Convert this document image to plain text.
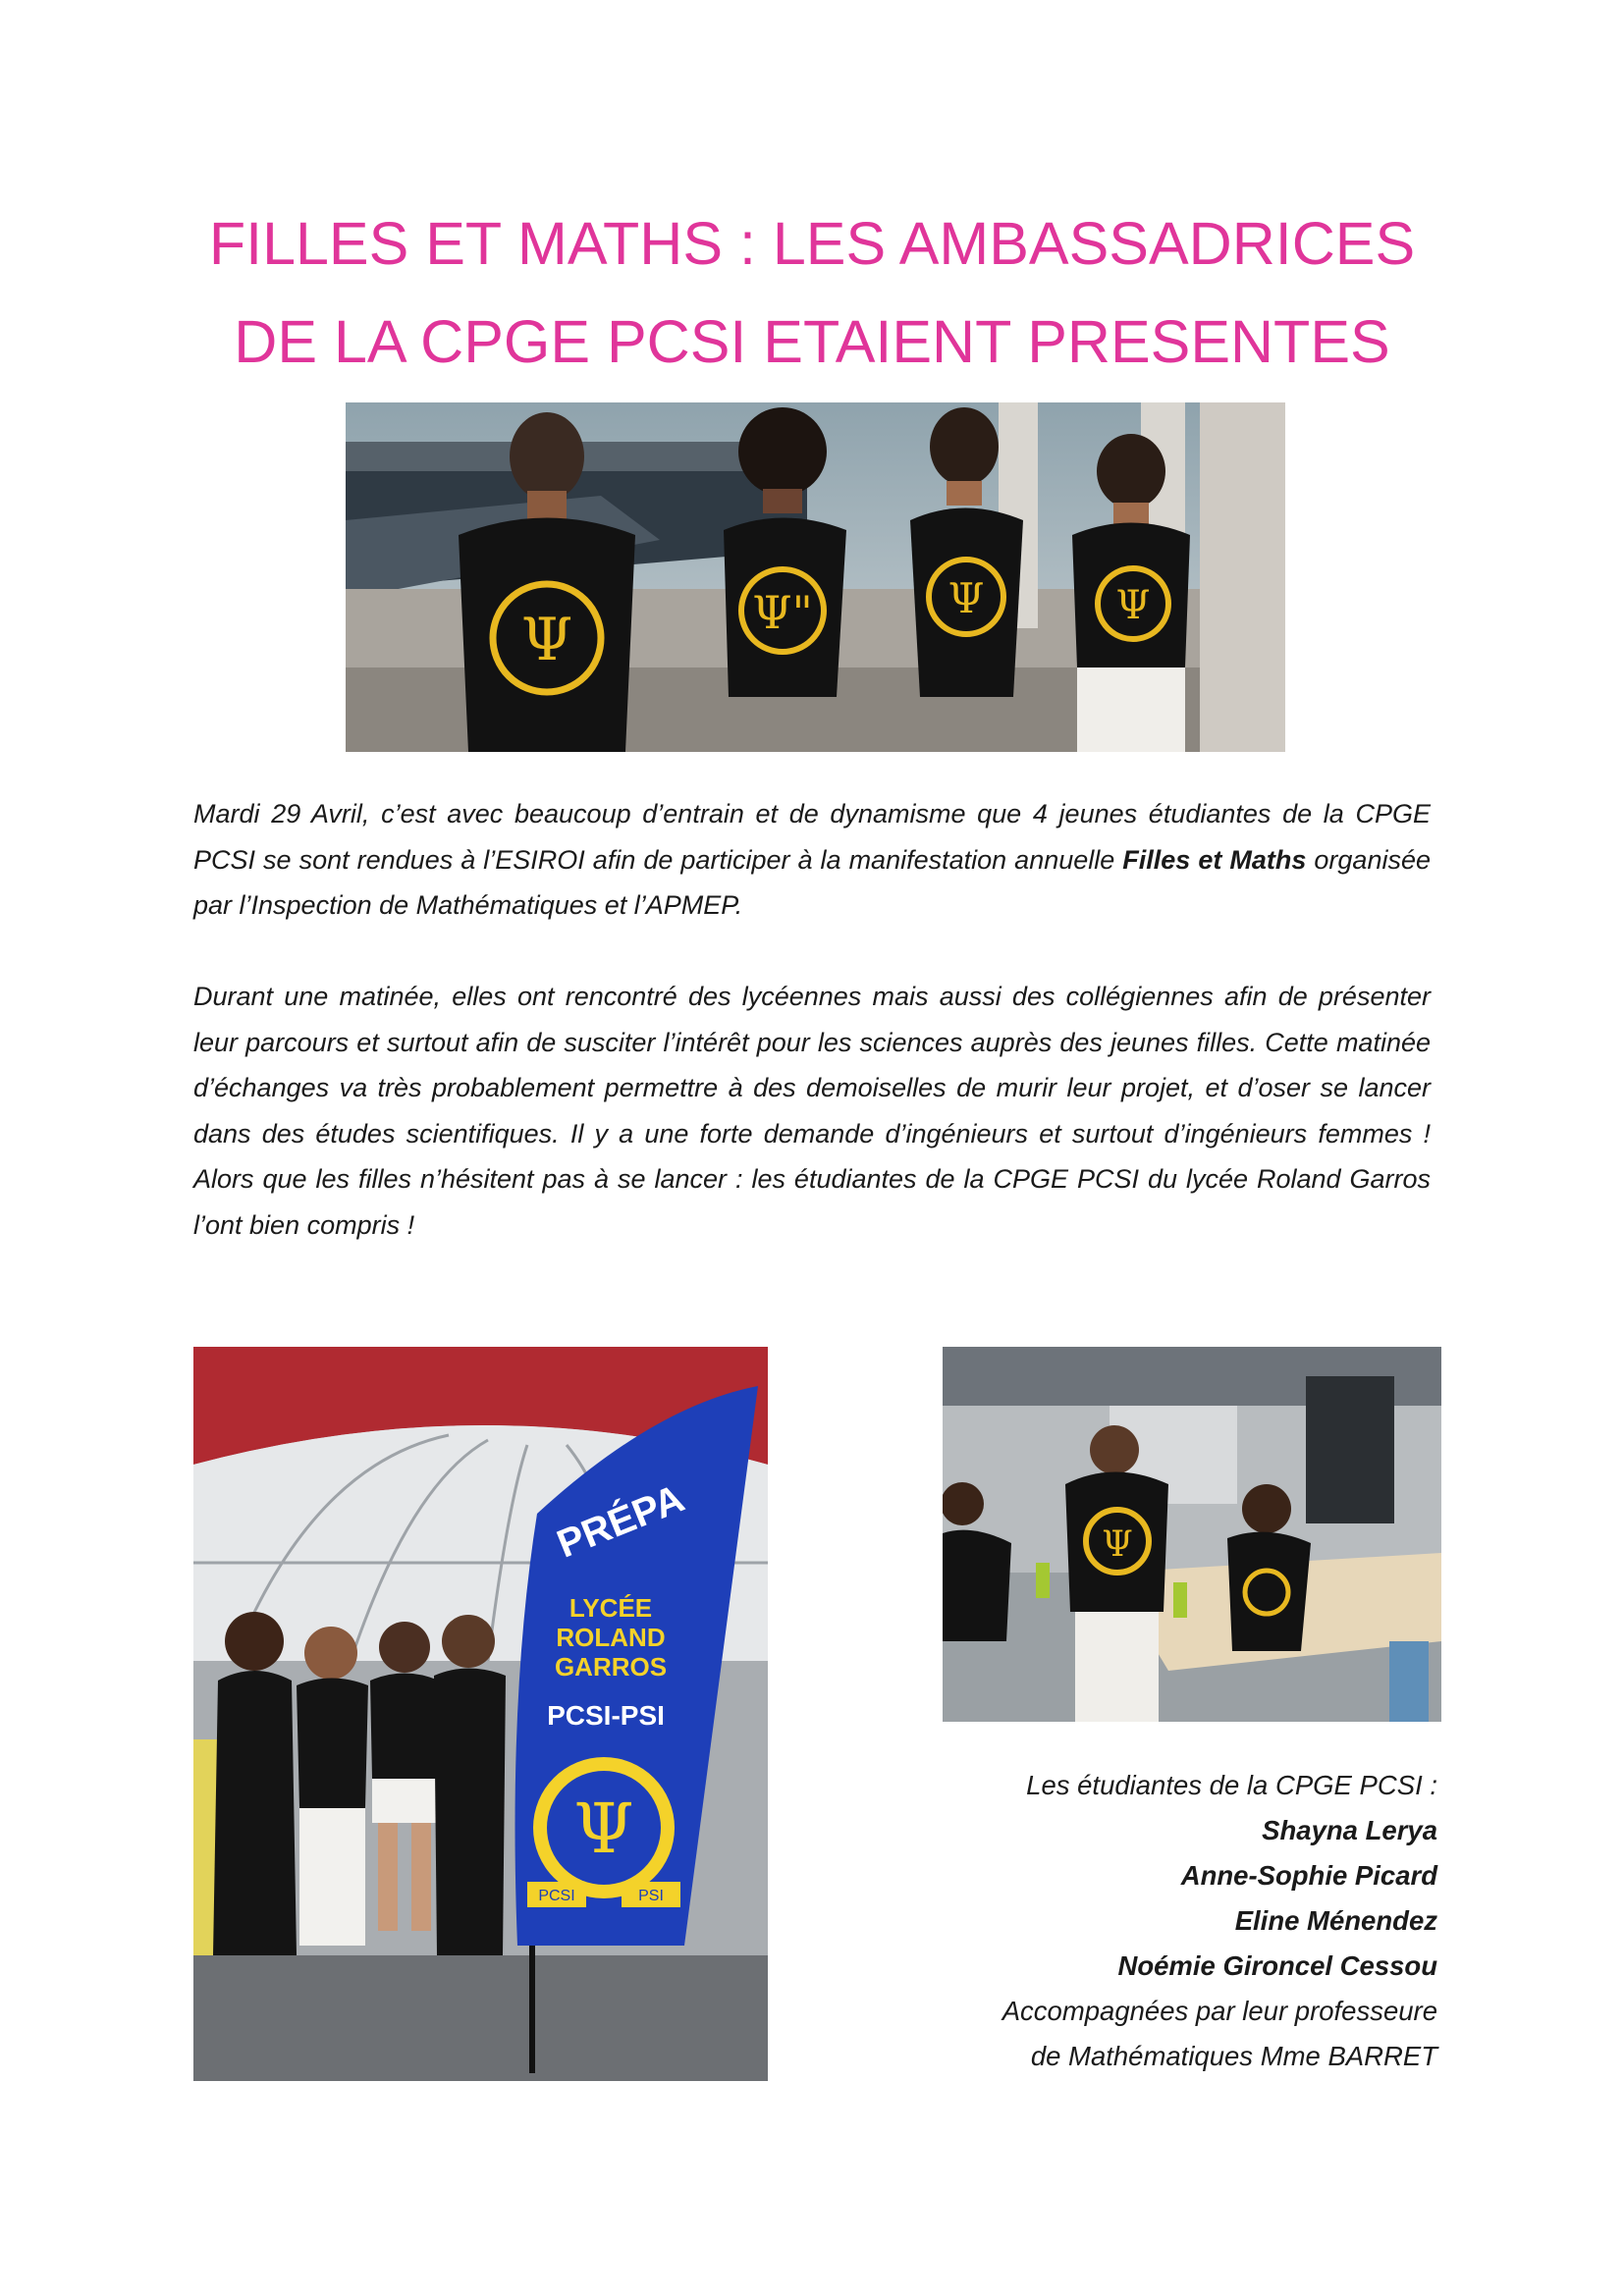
FILLES ET MATHS : LES AMBASSADRICES
DE LA CPGE PCSI ETAIENT PRESENTES
Ψ	Ψ"	Ψ	Ψ

Mardi 29 Avril, c’est avec beaucoup d’entrain et de dynamisme que 4 jeunes étudiantes de la CPGE PCSI se sont rendues à l’ESIROI afin de participer à la manifestation annuelle Filles et Maths organisée par l’Inspection de Mathématiques et l’APMEP.

Durant une matinée, elles ont rencontré des lycéennes mais aussi des collégiennes afin de présenter leur parcours et surtout afin de susciter l’intérêt pour les sciences auprès des jeunes filles. Cette matinée d’échanges va très probablement permettre à des demoiselles de murir leur projet, et d’oser se lancer dans des études scientifiques. Il y a une forte demande d’ingénieurs et surtout d’ingénieurs femmes ! Alors que les filles n’hésitent pas à se lancer : les étudiantes de la CPGE PCSI du lycée Roland Garros l’ont bien compris !

PRÉPA
LYCÉE
ROLAND
GARROS
PCSI-PSI
Ψ
PCSI	PSI
Ψ
Les étudiantes de la CPGE PCSI :
Shayna Lerya
Anne-Sophie Picard
Eline Ménendez
Noémie Gironcel Cessou
Accompagnées par leur professeure
de Mathématiques Mme BARRET
